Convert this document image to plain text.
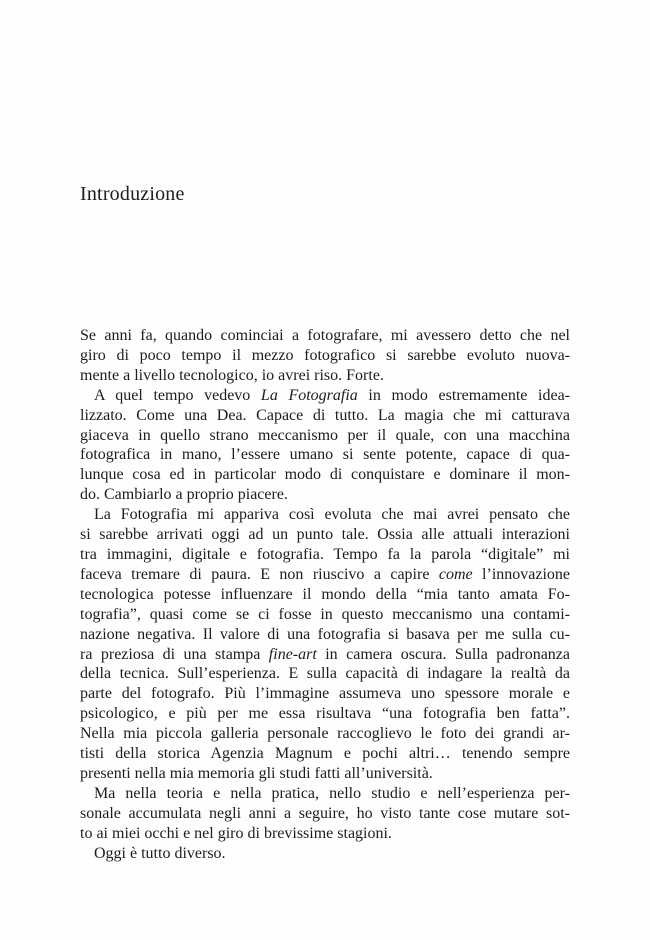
Introduzione
Se anni fa, quando cominciai a fotografare, mi avessero detto che nel
giro di poco tempo il mezzo fotografico si sarebbe evoluto nuova-
mente a livello tecnologico, io avrei riso. Forte.
A quel tempo vedevo La Fotografia in modo estremamente idea-
lizzato. Come una Dea. Capace di tutto. La magia che mi catturava
giaceva in quello strano meccanismo per il quale, con una macchina
fotografica in mano, l’essere umano si sente potente, capace di qua-
lunque cosa ed in particolar modo di conquistare e dominare il mon-
do. Cambiarlo a proprio piacere.
La Fotografia mi appariva così evoluta che mai avrei pensato che
si sarebbe arrivati oggi ad un punto tale. Ossia alle attuali interazioni
tra immagini, digitale e fotografia. Tempo fa la parola “digitale” mi
faceva tremare di paura. E non riuscivo a capire come l’innovazione
tecnologica potesse influenzare il mondo della “mia tanto amata Fo-
tografia”, quasi come se ci fosse in questo meccanismo una contami-
nazione negativa. Il valore di una fotografia si basava per me sulla cu-
ra preziosa di una stampa fine-art in camera oscura. Sulla padronanza
della tecnica. Sull’esperienza. E sulla capacità di indagare la realtà da
parte del fotografo. Più l’immagine assumeva uno spessore morale e
psicologico, e più per me essa risultava “una fotografia ben fatta”.
Nella mia piccola galleria personale raccoglievo le foto dei grandi ar-
tisti della storica Agenzia Magnum e pochi altri… tenendo sempre
presenti nella mia memoria gli studi fatti all’università.
Ma nella teoria e nella pratica, nello studio e nell’esperienza per-
sonale accumulata negli anni a seguire, ho visto tante cose mutare sot-
to ai miei occhi e nel giro di brevissime stagioni.
Oggi è tutto diverso.
